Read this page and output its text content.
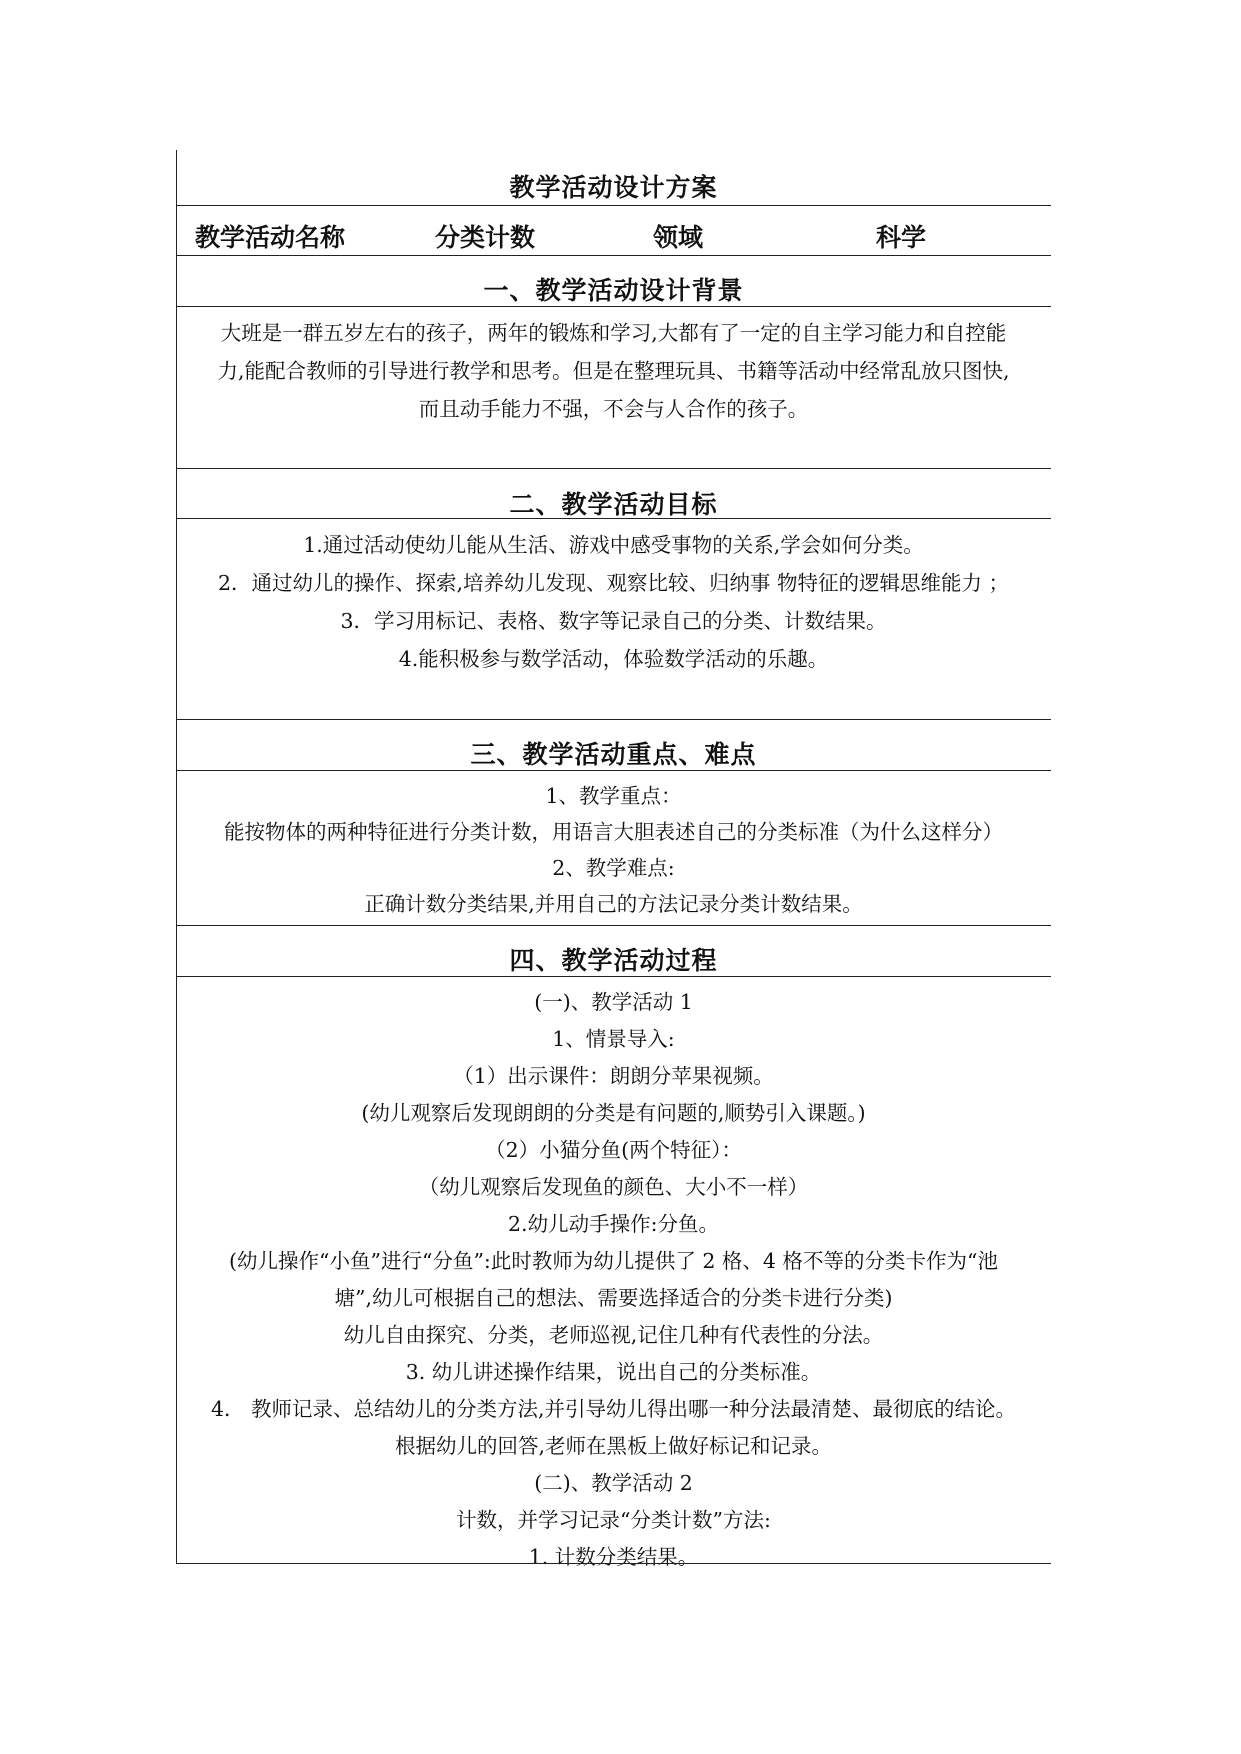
教学活动设计方案
教学活动名称	分类计数	领域	科学
一、教学活动设计背景
大班是一群五岁左右的孩子，两年的锻炼和学习,大都有了一定的自主学习能力和自控能
力,能配合教师的引导进行教学和思考。但是在整理玩具、书籍等活动中经常乱放只图快,
而且动手能力不强，不会与人合作的孩子。
二、教学活动目标
1.通过活动使幼儿能从生活、游戏中感受事物的关系,学会如何分类。
2．通过幼儿的操作、探索,培养幼儿发现、观察比较、归纳事 物特征的逻辑思维能力 ；
3．学习用标记、表格、数字等记录自己的分类、计数结果。
4.能积极参与数学活动，体验数学活动的乐趣。
三、教学活动重点、难点
1、教学重点：
能按物体的两种特征进行分类计数，用语言大胆表述自己的分类标准（为什么这样分）
2、教学难点:
正确计数分类结果,并用自己的方法记录分类计数结果。
四、教学活动过程
(一)、教学活动 1
1、情景导入:
（1）出示课件：朗朗分苹果视频。
(幼儿观察后发现朗朗的分类是有问题的,顺势引入课题。)
（2）小猫分鱼(两个特征）：
（幼儿观察后发现鱼的颜色、大小不一样）
2.幼儿动手操作:分鱼。
(幼儿操作“小鱼”进行“分鱼”:此时教师为幼儿提供了 2 格、4 格不等的分类卡作为“池
塘”,幼儿可根据自己的想法、需要选择适合的分类卡进行分类)
幼儿自由探究、分类，老师巡视,记住几种有代表性的分法。
3. 幼儿讲述操作结果，说出自己的分类标准。
4． 教师记录、总结幼儿的分类方法,并引导幼儿得出哪一种分法最清楚、最彻底的结论。
根据幼儿的回答,老师在黑板上做好标记和记录。
(二)、教学活动 2
计数，并学习记录“分类计数”方法:
1. 计数分类结果。
